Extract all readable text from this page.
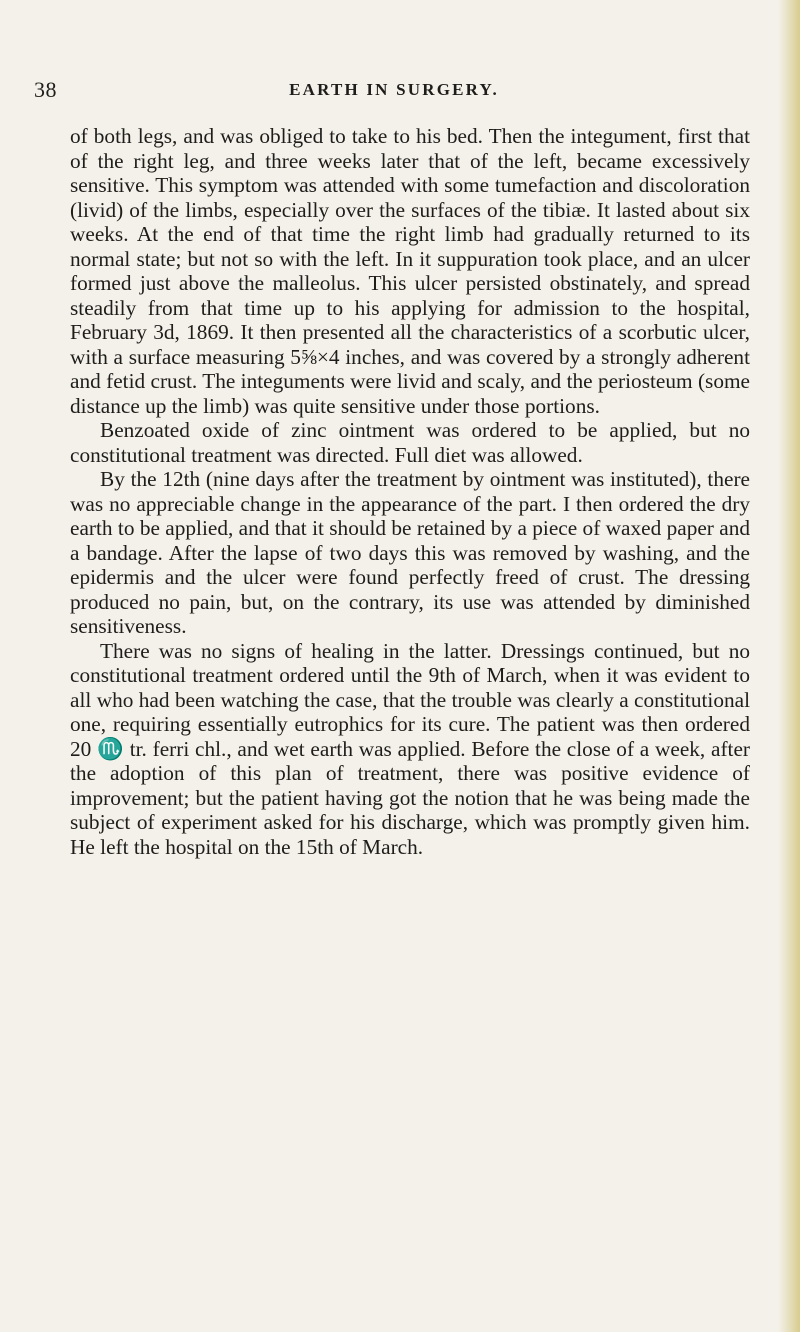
38	EARTH IN SURGERY.

of both legs, and was obliged to take to his bed. Then the integument, first that of the right leg, and three weeks later that of the left, became excessively sensitive. This symptom was attended with some tumefaction and discoloration (livid) of the limbs, especially over the surfaces of the tibiæ. It lasted about six weeks. At the end of that time the right limb had gradually returned to its normal state; but not so with the left. In it suppuration took place, and an ulcer formed just above the malleolus. This ulcer persisted obstinately, and spread steadily from that time up to his applying for admission to the hospital, February 3d, 1869. It then presented all the characteristics of a scorbutic ulcer, with a surface measuring 5⅝×4 inches, and was covered by a strongly adherent and fetid crust. The integuments were livid and scaly, and the periosteum (some distance up the limb) was quite sensitive under those portions.

Benzoated oxide of zinc ointment was ordered to be applied, but no constitutional treatment was directed. Full diet was allowed.

By the 12th (nine days after the treatment by ointment was instituted), there was no appreciable change in the appearance of the part. I then ordered the dry earth to be applied, and that it should be retained by a piece of waxed paper and a bandage. After the lapse of two days this was removed by washing, and the epidermis and the ulcer were found perfectly freed of crust. The dressing produced no pain, but, on the contrary, its use was attended by diminished sensitiveness.

There was no signs of healing in the latter. Dressings continued, but no constitutional treatment ordered until the 9th of March, when it was evident to all who had been watching the case, that the trouble was clearly a constitutional one, requiring essentially eutrophics for its cure. The patient was then ordered 20 ♏ tr. ferri chl., and wet earth was applied. Before the close of a week, after the adoption of this plan of treatment, there was positive evidence of improvement; but the patient having got the notion that he was being made the subject of experiment asked for his discharge, which was promptly given him. He left the hospital on the 15th of March.
